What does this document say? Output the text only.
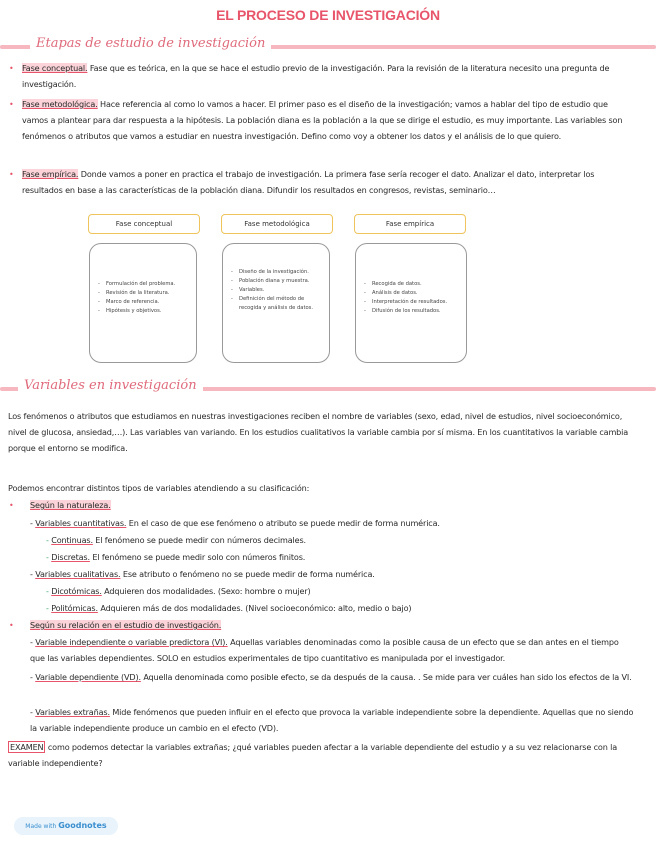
EL PROCESO DE INVESTIGACIÓN
Etapas de estudio de investigación
• Fase conceptual. Fase que es teórica, en la que se hace el estudio previo de la investigación. Para la revisión de la literatura necesito una pregunta de investigación.
• Fase metodológica. Hace referencia al como lo vamos a hacer. El primer paso es el diseño de la investigación; vamos a hablar del tipo de estudio que vamos a plantear para dar respuesta a la hipótesis. La población diana es la población a la que se dirige el estudio, es muy importante. Las variables son fenómenos o atributos que vamos a estudiar en nuestra investigación. Defino como voy a obtener los datos y el análisis de lo que quiero.
• Fase empírica. Donde vamos a poner en practica el trabajo de investigación. La primera fase sería recoger el dato. Analizar el dato, interpretar los resultados en base a las características de la población diana. Difundir los resultados en congresos, revistas, seminario…
Fase conceptual	Fase metodológica	Fase empírica
- Formulación del problema.
- Revisión de la literatura.
- Marco de referencia.
- Hipótesis y objetivos.
- Diseño de la investigación.
- Población diana y muestra.
- Variables.
- Definición del método de recogida y análisis de datos.
- Recogida de datos.
- Análisis de datos.
- Interpretación de resultados.
- Difusión de los resultados.
Variables en investigación
Los fenómenos o atributos que estudiamos en nuestras investigaciones reciben el nombre de variables (sexo, edad, nivel de estudios, nivel socioeconómico, nivel de glucosa, ansiedad,…). Las variables van variando. En los estudios cualitativos la variable cambia por sí misma. En los cuantitativos la variable cambia porque el entorno se modifica.
Podemos encontrar distintos tipos de variables atendiendo a su clasificación:
• Según la naturaleza.
- Variables cuantitativas. En el caso de que ese fenómeno o atributo se puede medir de forma numérica.
- Continuas. El fenómeno se puede medir con números decimales.
- Discretas. El fenómeno se puede medir solo con números finitos.
- Variables cualitativas. Ese atributo o fenómeno no se puede medir de forma numérica.
- Dicotómicas. Adquieren dos modalidades. (Sexo: hombre o mujer)
- Politómicas. Adquieren más de dos modalidades. (Nivel socioeconómico: alto, medio o bajo)
• Según su relación en el estudio de investigación.
- Variable independiente o variable predictora (VI). Aquellas variables denominadas como la posible causa de un efecto que se dan antes en el tiempo que las variables dependientes. SOLO en estudios experimentales de tipo cuantitativo es manipulada por el investigador.
- Variable dependiente (VD). Aquella denominada como posible efecto, se da después de la causa. . Se mide para ver cuáles han sido los efectos de la VI.
- Variables extrañas. Mide fenómenos que pueden influir en el efecto que provoca la variable independiente sobre la dependiente. Aquellas que no siendo la variable independiente produce un cambio en el efecto (VD).
EXAMEN como podemos detectar la variables extrañas; ¿qué variables pueden afectar a la variable dependiente del estudio y a su vez relacionarse con la variable independiente?
Made with Goodnotes
